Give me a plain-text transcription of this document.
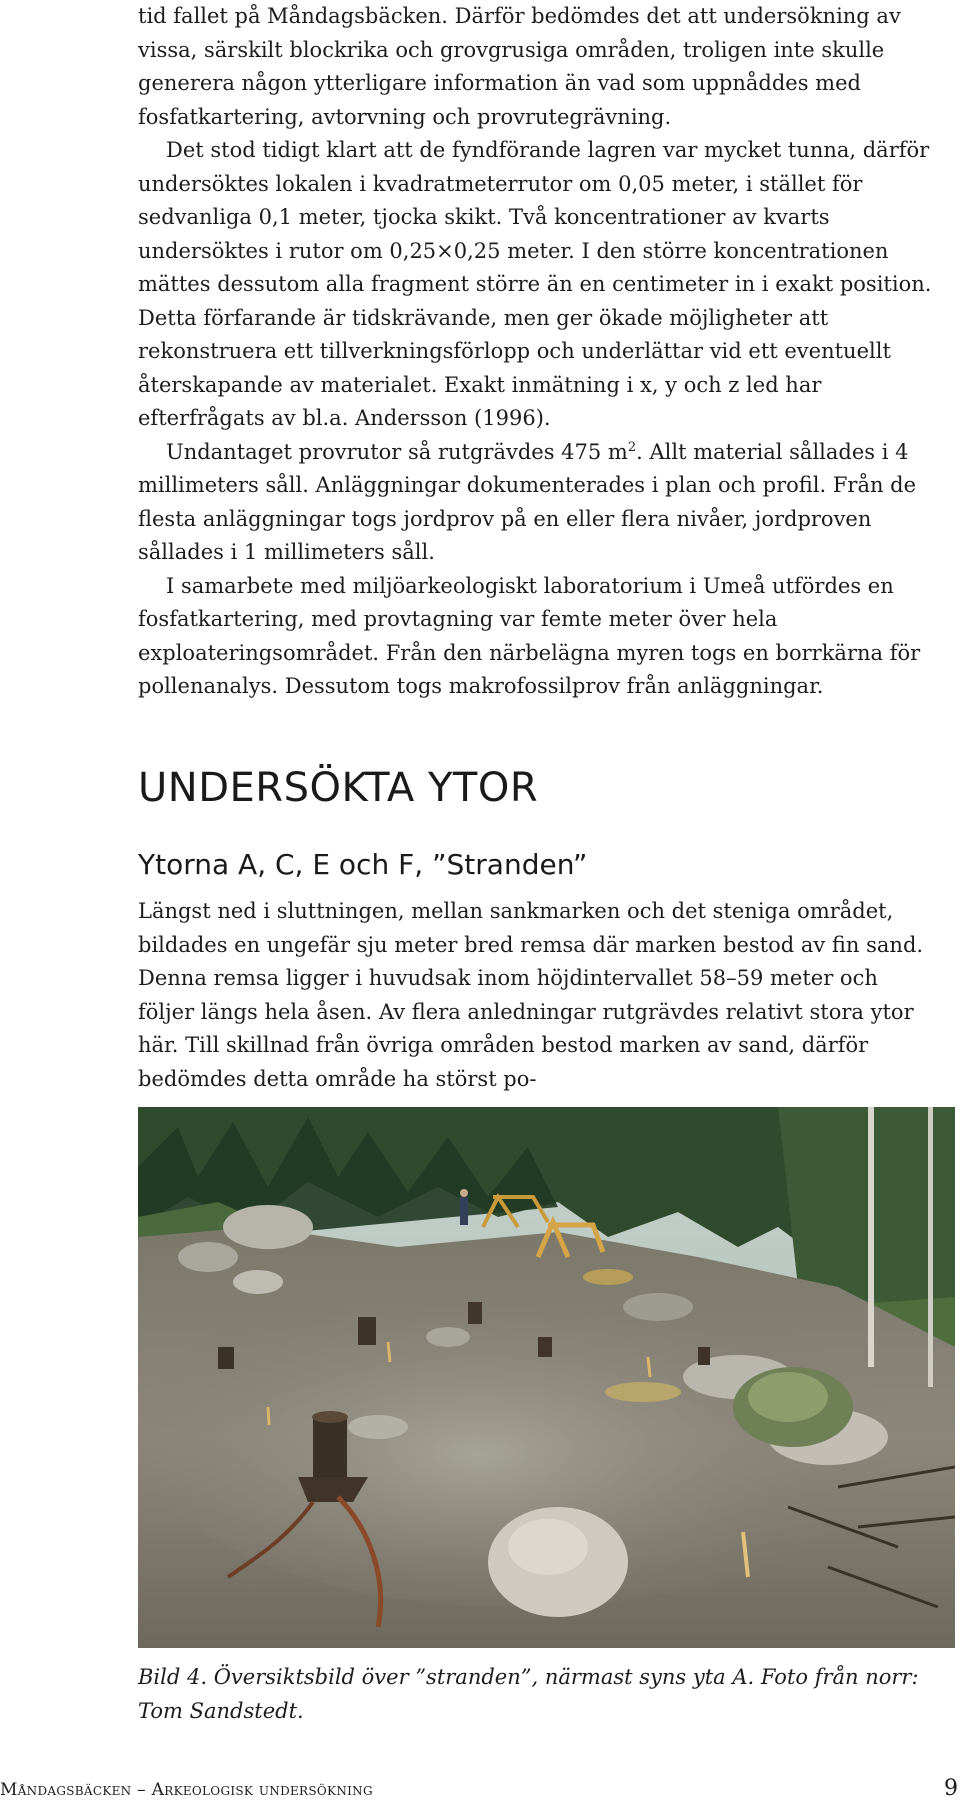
tid fallet på Måndagsbäcken. Därför bedömdes det att undersökning av vissa, särskilt blockrika och grovgrusiga områden, troligen inte skulle generera någon ytterligare information än vad som uppnåddes med fosfatkartering, avtorvning och provrutegrävning.

Det stod tidigt klart att de fyndförande lagren var mycket tunna, därför undersöktes lokalen i kvadratmeterrutor om 0,05 meter, i stället för sedvanliga 0,1 meter, tjocka skikt. Två koncentrationer av kvarts undersöktes i rutor om 0,25×0,25 meter. I den större koncentrationen mättes dessutom alla fragment större än en centimeter in i exakt position. Detta förfarande är tidskrävande, men ger ökade möjligheter att rekonstruera ett tillverkningsförlopp och underlättar vid ett eventuellt återskapande av materialet. Exakt inmätning i x, y och z led har efterfrågats av bl.a. Andersson (1996).

Undantaget provrutor så rutgrävdes 475 $m^2$. Allt material sållades i 4 millimeters såll. Anläggningar dokumenterades i plan och profil. Från de flesta anläggningar togs jordprov på en eller flera nivåer, jordproven sållades i 1 millimeters såll.

I samarbete med miljöarkeologiskt laboratorium i Umeå utfördes en fosfatkartering, med provtagning var femte meter över hela exploateringsområdet. Från den närbelägna myren togs en borrkärna för pollenanalys. Dessutom togs makrofossilprov från anläggningar.

UNDERSÖKTA YTOR
Ytorna A, C, E och F, ”Stranden”

Längst ned i sluttningen, mellan sankmarken och det steniga området, bildades en ungefär sju meter bred remsa där marken bestod av fin sand. Denna remsa ligger i huvudsak inom höjdintervallet 58–59 meter och följer längs hela åsen. Av flera anledningar rutgrävdes relativt stora ytor här. Till skillnad från övriga områden bestod marken av sand, därför bedömdes detta område ha störst po-

Bild 4. Översiktsbild över ”stranden”, närmast syns yta A. Foto från norr: Tom Sandstedt.

Måndagsbäcken – Arkeologisk undersökning	9
